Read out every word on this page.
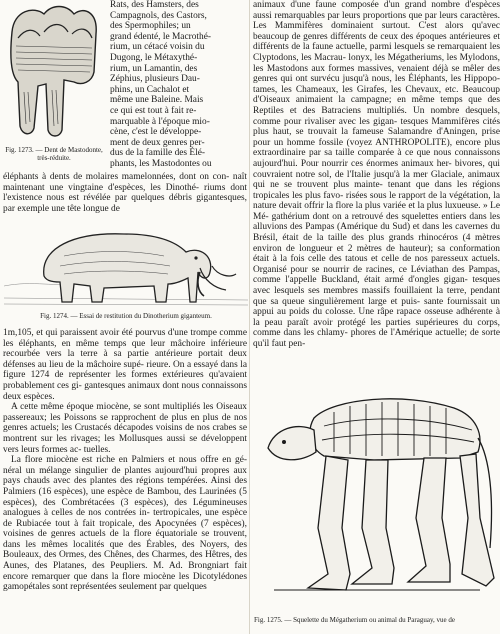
Fig. 1273. — Dent de Mastodonte, très-réduite.
Rats, des Hamsters, des
Campagnols, des Castors,
des Spermophiles; un
grand édenté, le Macrothé-
rium, un cétacé voisin du
Dugong, le Métaxythé-
rium, un Lamantin, des
Zéphius, plusieurs Dau-
phins, un Cachalot et
même une Baleine. Mais
ce qui est tout à fait re-
marquable à l'époque mio-
cène, c'est le développe-
ment de deux genres per-
dus de la famille des Élé-
phants, les Mastodontes ou

éléphants à dents de molaires mamelonnées, dont on con- naît maintenant une vingtaine d'espèces, les Dinothé- riums dont l'existence nous est révélée par quelques débris gigantesques, par exemple une tête longue de

Fig. 1274. — Essai de restitution du Dinotherium giganteum.

1m,105, et qui paraissent avoir été pourvus d'une trompe comme les éléphants, en même temps que leur mâchoire inférieure recourbée vers la terre à sa partie antérieure portait deux défenses au lieu de la mâchoire supé- rieure. On a essayé dans la figure 1274 de représenter les formes extérieures qu'avaient probablement ces gi- gantesques animaux dont nous connaissons deux espèces.

A cette même époque miocène, se sont multipliés les Oiseaux passereaux; les Poissons se rapprochent de plus en plus de nos genres actuels; les Crustacés décapodes voisins de nos crabes se montrent sur les rivages; les Mollusques aussi se développent vers leurs formes ac- tuelles.

La flore miocène est riche en Palmiers et nous offre en gé- néral un mélange singulier de plantes aujourd'hui propres aux pays chauds avec des plantes des régions tempérées. Ainsi des Palmiers (16 espèces), une espèce de Bambou, des Laurinées (5 espèces), des Combrétacées (3 espèces), des Légumineuses analogues à celles de nos contrées in- tertropicales, une espèce de Rubiacée tout à fait tropicale, des Apocynées (7 espèces), voisines de genres actuels de la flore équatoriale se trouvent, dans les mêmes localités que des Érables, des Noyers, des Bouleaux, des Ormes, des Chênes, des Charmes, des Hêtres, des Aunes, des Platanes, des Peupliers. M. Ad. Brongniart fait encore remarquer que dans la flore miocène les Dicotylédones gamopétales sont représentées seulement par quelques

animaux d'une faune composée d'un grand nombre d'espèces aussi remarquables par leurs proportions que par leurs caractères. Les Mammifères dominaient surtout. C'est alors qu'avec beaucoup de genres différents de ceux des époques antérieures et différents de la faune actuelle, parmi lesquels se remarquaient les Clyptodons, les Macrau- lonyx, les Mégatheriums, les Mylodons, les Mastodons aux formes massives, venaient déjà se mêler des genres qui ont survécu jusqu'à nous, les Éléphants, les Hippopo- tames, les Chameaux, les Girafes, les Chevaux, etc. Beaucoup d'Oiseaux animaient la campagne; en même temps que des Reptiles et des Batraciens multipliés. Un nombre desquels, comme pour rivaliser avec les gigan- tesques Mammifères cités plus haut, se trouvait la fameuse Salamandre d'Aningen, prise pour un homme fossile (voyez ANTHROPOLITE), encore plus extraordinaire par sa taille comparée à ce que nous connaissons aujourd'hui. Pour nourrir ces énormes animaux her- bivores, qui couvraient notre sol, de l'Italie jusqu'à la mer Glaciale, animaux qui ne se trouvent plus mainte- tenant que dans les régions tropicales les plus favo- risées sous le rapport de la végétation, la nature devait offrir la flore la plus variée et la plus luxueuse. » Le Mé- gathérium dont on a retrouvé des squelettes entiers dans les alluvions des Pampas (Amérique du Sud) et dans les cavernes du Brésil, était de la taille des plus grands rhinocéros (4 mètres environ de longueur et 2 mètres de hauteur); sa conformation était à la fois celle des tatous et celle de nos paresseux actuels. Organisé pour se nourrir de racines, ce Léviathan des Pampas, comme l'appelle Buckland, était armé d'ongles gigan- tesques avec lesquels ses membres massifs fouillaient la terre, pendant que sa queue singulièrement large et puis- sante fournissait un appui au poids du colosse. Une râpe rapace osseuse adhérente à la peau paraît avoir protégé les parties supérieures du corps, comme dans les chlamy- phores de l'Amérique actuelle; de sorte qu'il faut pen-

Fig. 1275. — Squelette du Mégatherium ou animal du Paraguay, vue de
